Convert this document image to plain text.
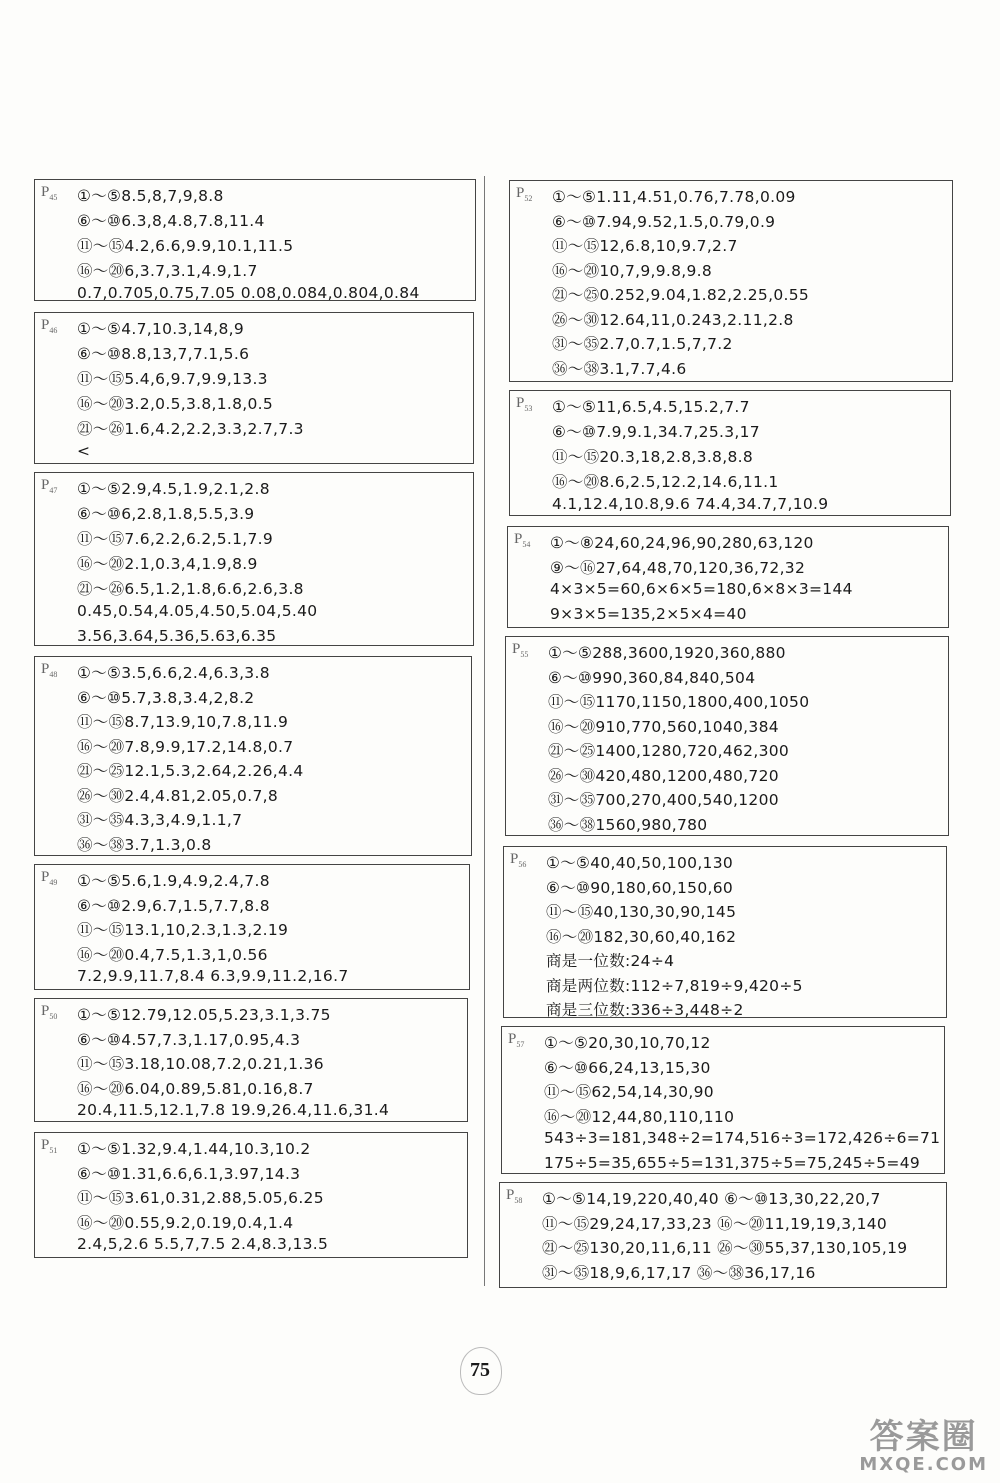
$P_{45}$ ①～⑤8.5,8,7,9,8.8
⑥～⑩6.3,8,4.8,7.8,11.4
⑪～⑮4.2,6.6,9.9,10.1,11.5
⑯～⑳6,3.7,3.1,4.9,1.7
0.7,0.705,0.75,7.05 0.08,0.084,0.804,0.84
$P_{46}$ ①～⑤4.7,10.3,14,8,9
⑥～⑩8.8,13,7,7.1,5.6
⑪～⑮5.4,6,9.7,9.9,13.3
⑯～⑳3.2,0.5,3.8,1.8,0.5
㉑～㉖1.6,4.2,2.2,3.3,2.7,7.3
<
$P_{47}$ ①～⑤2.9,4.5,1.9,2.1,2.8
⑥～⑩6,2.8,1.8,5.5,3.9
⑪～⑮7.6,2.2,6.2,5.1,7.9
⑯～⑳2.1,0.3,4,1.9,8.9
㉑～㉖6.5,1.2,1.8,6.6,2.6,3.8
0.45,0.54,4.05,4.50,5.04,5.40
3.56,3.64,5.36,5.63,6.35
$P_{48}$ ①～⑤3.5,6.6,2.4,6.3,3.8
⑥～⑩5.7,3.8,3.4,2,8.2
⑪～⑮8.7,13.9,10,7.8,11.9
⑯～⑳7.8,9.9,17.2,14.8,0.7
㉑～㉕12.1,5.3,2.64,2.26,4.4
㉖～㉚2.4,4.81,2.05,0.7,8
㉛～㉟4.3,3,4.9,1.1,7
㊱～㊳3.7,1.3,0.8
$P_{49}$ ①～⑤5.6,1.9,4.9,2.4,7.8
⑥～⑩2.9,6.7,1.5,7.7,8.8
⑪～⑮13.1,10,2.3,1.3,2.19
⑯～⑳0.4,7.5,1.3,1,0.56
7.2,9.9,11.7,8.4 6.3,9.9,11.2,16.7
$P_{50}$ ①～⑤12.79,12.05,5.23,3.1,3.75
⑥～⑩4.57,7.3,1.17,0.95,4.3
⑪～⑮3.18,10.08,7.2,0.21,1.36
⑯～⑳6.04,0.89,5.81,0.16,8.7
20.4,11.5,12.1,7.8 19.9,26.4,11.6,31.4
$P_{51}$ ①～⑤1.32,9.4,1.44,10.3,10.2
⑥～⑩1.31,6.6,6.1,3.97,14.3
⑪～⑮3.61,0.31,2.88,5.05,6.25
⑯～⑳0.55,9.2,0.19,0.4,1.4
2.4,5,2.6 5.5,7,7.5 2.4,8.3,13.5
$P_{52}$ ①～⑤1.11,4.51,0.76,7.78,0.09
⑥～⑩7.94,9.52,1.5,0.79,0.9
⑪～⑮12,6.8,10,9.7,2.7
⑯～⑳10,7,9,9.8,9.8
㉑～㉕0.252,9.04,1.82,2.25,0.55
㉖～㉚12.64,11,0.243,2.11,2.8
㉛～㉟2.7,0.7,1.5,7,7.2
㊱～㊳3.1,7.7,4.6
$P_{53}$ ①～⑤11,6.5,4.5,15.2,7.7
⑥～⑩7.9,9.1,34.7,25.3,17
⑪～⑮20.3,18,2.8,3.8,8.8
⑯～⑳8.6,2.5,12.2,14.6,11.1
4.1,12.4,10.8,9.6 74.4,34.7,7,10.9
$P_{54}$ ①～⑧24,60,24,96,90,280,63,120
⑨～⑯27,64,48,70,120,36,72,32
4×3×5=60,6×6×5=180,6×8×3=144
9×3×5=135,2×5×4=40
$P_{55}$ ①～⑤288,3600,1920,360,880
⑥～⑩990,360,84,840,504
⑪～⑮1170,1150,1800,400,1050
⑯～⑳910,770,560,1040,384
㉑～㉕1400,1280,720,462,300
㉖～㉚420,480,1200,480,720
㉛～㉟700,270,400,540,1200
㊱～㊳1560,980,780
$P_{56}$ ①～⑤40,40,50,100,130
⑥～⑩90,180,60,150,60
⑪～⑮40,130,30,90,145
⑯～⑳182,30,60,40,162
商是一位数:24÷4
商是两位数:112÷7,819÷9,420÷5
商是三位数:336÷3,448÷2
$P_{57}$ ①～⑤20,30,10,70,12
⑥～⑩66,24,13,15,30
⑪～⑮62,54,14,30,90
⑯～⑳12,44,80,110,110
543÷3=181,348÷2=174,516÷3=172,426÷6=71
175÷5=35,655÷5=131,375÷5=75,245÷5=49
$P_{58}$ ①～⑤14,19,220,40,40 ⑥～⑩13,30,22,20,7
⑪～⑮29,24,17,33,23 ⑯～⑳11,19,19,3,140
㉑～㉕130,20,11,6,11 ㉖～㉚55,37,130,105,19
㉛～㉟18,9,6,17,17 ㊱～㊳36,17,16
75
答案圈
MXQE.COM
